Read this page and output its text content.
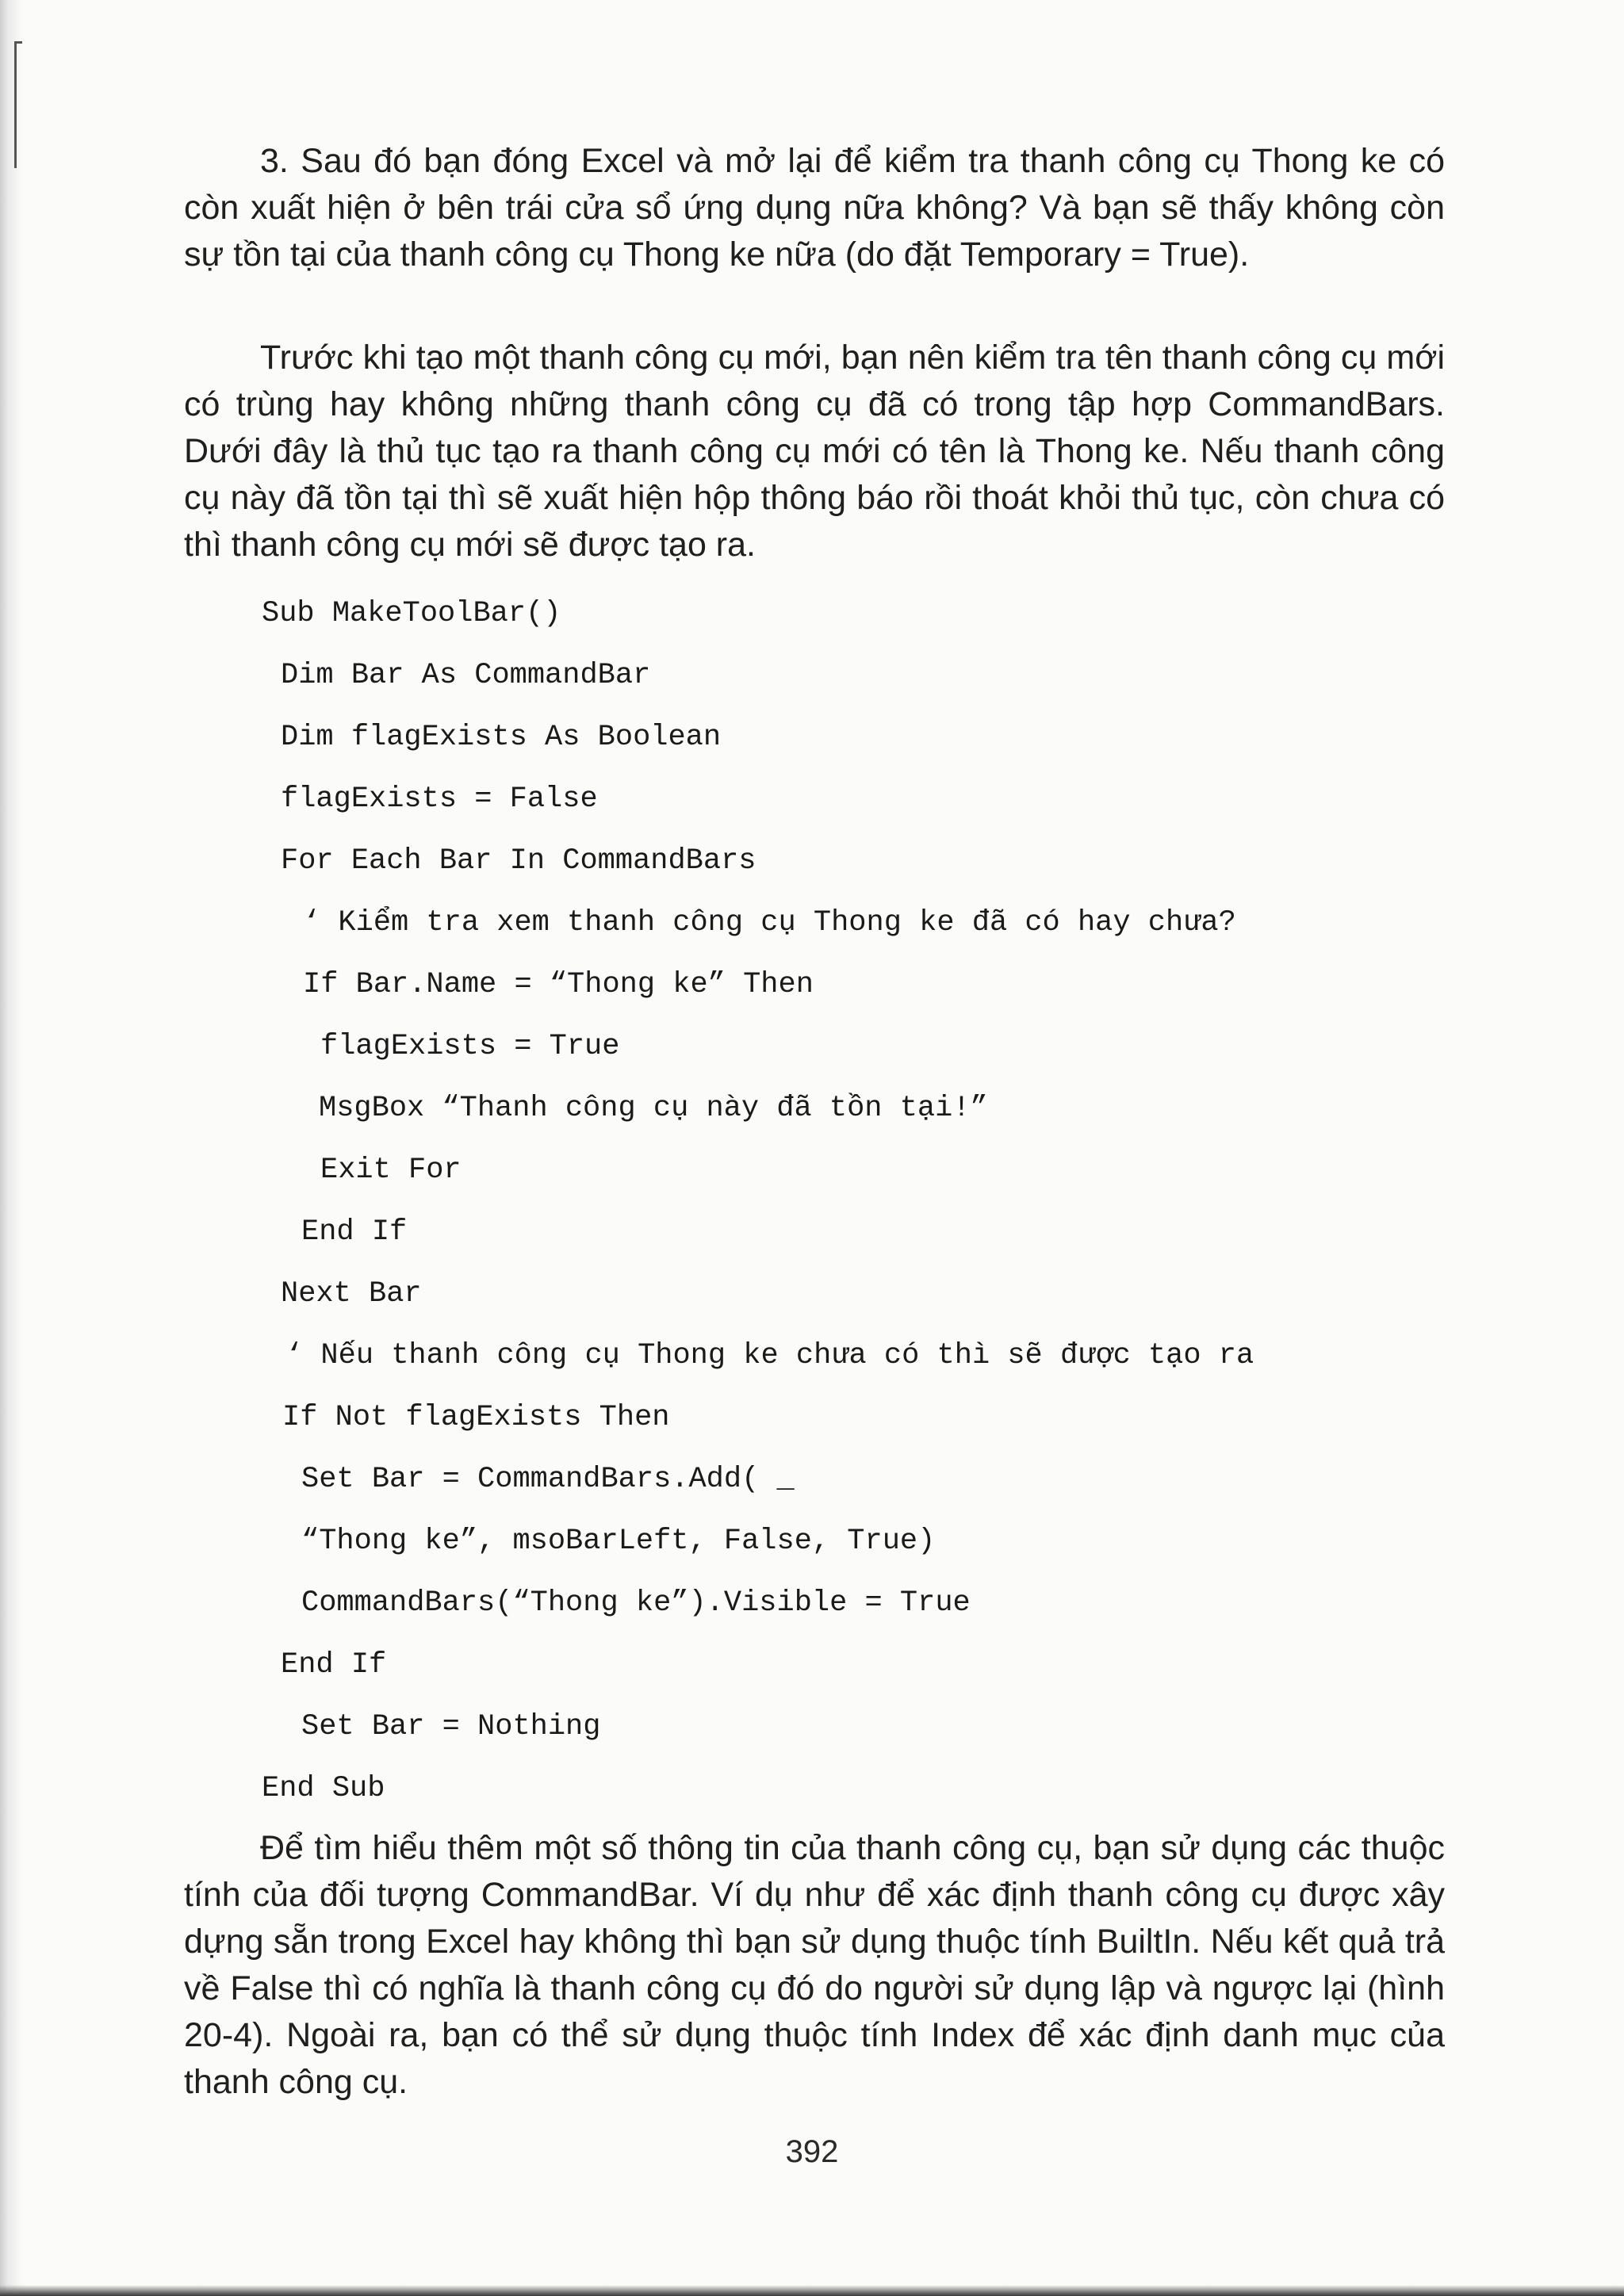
3. Sau đó bạn đóng Excel và mở lại để kiểm tra thanh công cụ Thong ke có còn xuất hiện ở bên trái cửa sổ ứng dụng nữa không? Và bạn sẽ thấy không còn sự tồn tại của thanh công cụ Thong ke nữa (do đặt Temporary = True).

Trước khi tạo một thanh công cụ mới, bạn nên kiểm tra tên thanh công cụ mới có trùng hay không những thanh công cụ đã có trong tập hợp CommandBars. Dưới đây là thủ tục tạo ra thanh công cụ mới có tên là Thong ke. Nếu thanh công cụ này đã tồn tại thì sẽ xuất hiện hộp thông báo rồi thoát khỏi thủ tục, còn chưa có thì thanh công cụ mới sẽ được tạo ra.

Sub MakeToolBar()
Dim Bar As CommandBar
Dim flagExists As Boolean
flagExists = False
For Each Bar In CommandBars
‘ Kiểm tra xem thanh công cụ Thong ke đã có hay chưa?
If Bar.Name = “Thong ke” Then
flagExists = True
MsgBox “Thanh công cụ này đã tồn tại!”
Exit For
End If
Next Bar
‘ Nếu thanh công cụ Thong ke chưa có thì sẽ được tạo ra
If Not flagExists Then
Set Bar = CommandBars.Add( _
“Thong ke”, msoBarLeft, False, True)
CommandBars(“Thong ke”).Visible = True
End If
Set Bar = Nothing
End Sub

Để tìm hiểu thêm một số thông tin của thanh công cụ, bạn sử dụng các thuộc tính của đối tượng CommandBar. Ví dụ như để xác định thanh công cụ được xây dựng sẵn trong Excel hay không thì bạn sử dụng thuộc tính BuiltIn. Nếu kết quả trả về False thì có nghĩa là thanh công cụ đó do người sử dụng lập và ngược lại (hình 20-4). Ngoài ra, bạn có thể sử dụng thuộc tính Index để xác định danh mục của thanh công cụ.

392
